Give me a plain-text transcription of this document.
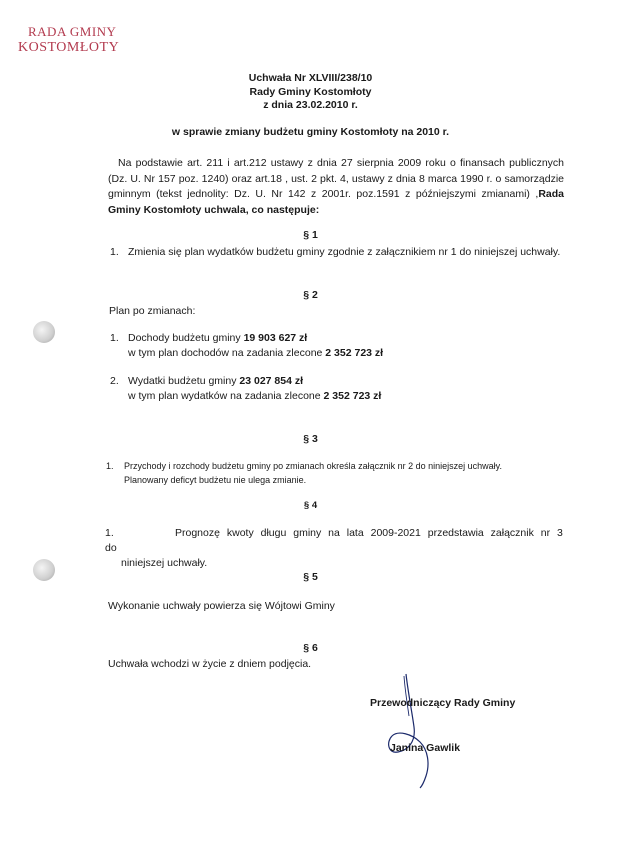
RADA GMINY
KOSTOMŁOTY
Uchwała Nr XLVIII/238/10
Rady Gminy Kostomłoty
z dnia 23.02.2010 r.
w sprawie zmiany budżetu gminy Kostomłoty na 2010 r.
Na podstawie art. 211 i art.212 ustawy z dnia 27 sierpnia 2009 roku o finansach publicznych (Dz. U. Nr 157 poz. 1240) oraz art.18 , ust. 2 pkt. 4, ustawy z dnia 8 marca 1990 r. o samorządzie gminnym (tekst jednolity: Dz. U. Nr 142 z 2001r. poz.1591 z późniejszymi zmianami) ,Rada Gminy Kostomłoty uchwala, co następuje:
§ 1
1. Zmienia się plan wydatków budżetu gminy zgodnie z załącznikiem nr 1 do niniejszej uchwały.
§ 2
Plan po zmianach:
1. Dochody budżetu gminy 19 903 627 zł
w tym plan dochodów na zadania zlecone 2 352 723 zł
2. Wydatki budżetu gminy 23 027 854 zł
w tym plan wydatków na zadania zlecone 2 352 723 zł
§ 3
1. Przychody i rozchody budżetu gminy po zmianach określa załącznik nr 2 do niniejszej uchwały.
Planowany deficyt budżetu nie ulega zmianie.
§ 4
1.	Prognozę kwoty długu gminy na lata 2009-2021 przedstawia załącznik nr 3 do
niniejszej uchwały.
§ 5
Wykonanie uchwały powierza się Wójtowi Gminy
§ 6
Uchwała wchodzi w życie z dniem podjęcia.
Przewodniczący Rady Gminy
Janina Gawlik
